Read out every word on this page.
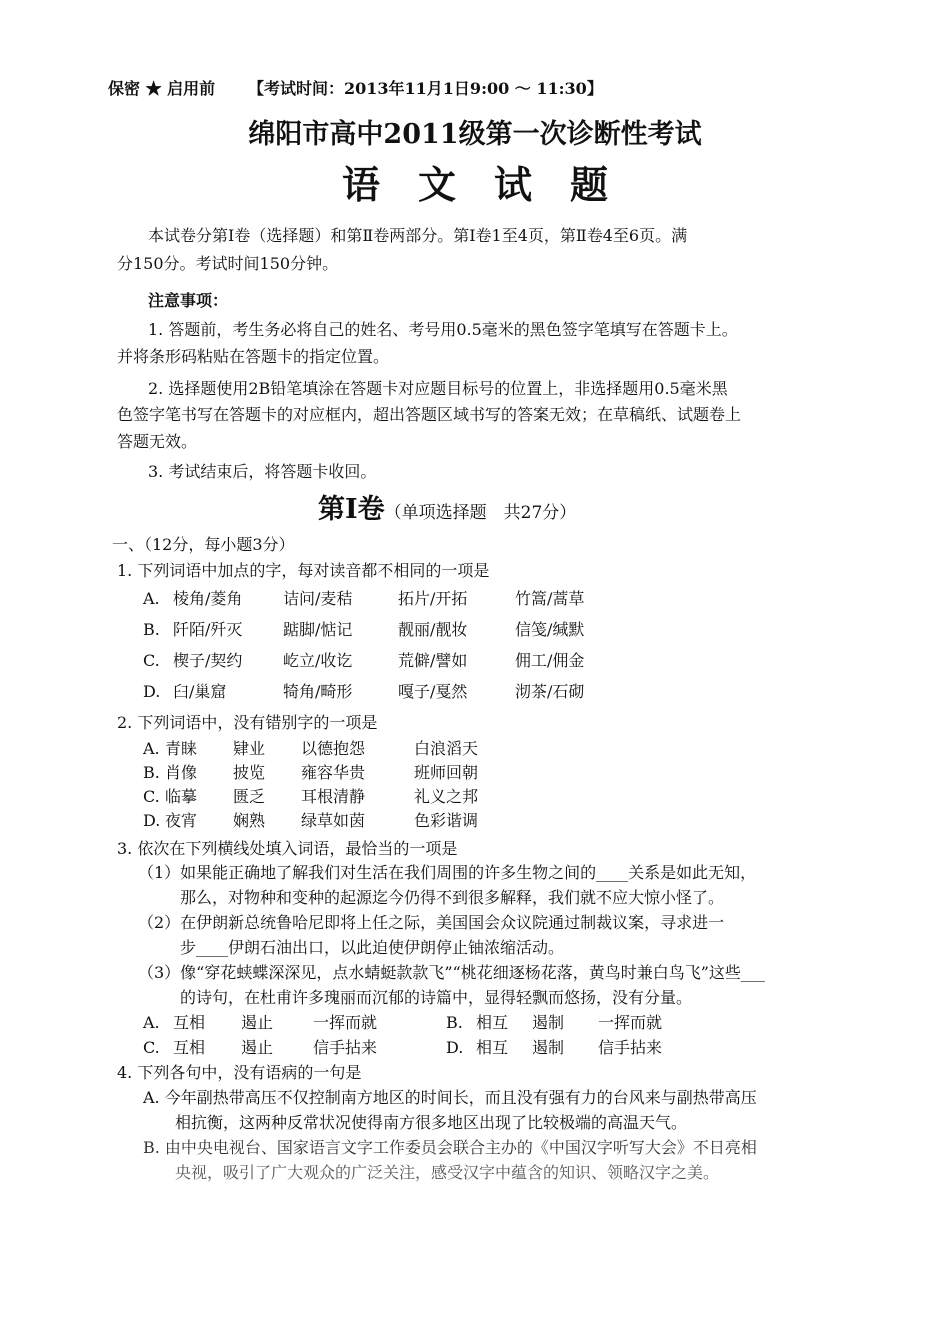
保密 ★ 启用前 【考试时间：2013年11月1日9:00 ～ 11:30】
绵阳市高中2011级第一次诊断性考试
语　文　试　题
本试卷分第Ⅰ卷（选择题）和第Ⅱ卷两部分。第Ⅰ卷1至4页，第Ⅱ卷4至6页。满
分150分。考试时间150分钟。
注意事项：
1. 答题前，考生务必将自己的姓名、考号用0.5毫米的黑色签字笔填写在答题卡上。
并将条形码粘贴在答题卡的指定位置。
2. 选择题使用2B铅笔填涂在答题卡对应题目标号的位置上，非选择题用0.5毫米黑
色签字笔书写在答题卡的对应框内，超出答题区域书写的答案无效；在草稿纸、试题卷上
答题无效。
3. 考试结束后，将答题卡收回。
第Ⅰ卷（单项选择题　共27分）
一、（12分，每小题3分）
1. 下列词语中加点的字，每对读音都不相同的一项是
A. 棱角/菱角	诘问/麦秸	拓片/开拓	竹篙/蒿草
B. 阡陌/歼灭	踮脚/惦记	靓丽/靓妆	信笺/缄默
C. 楔子/契约	屹立/收讫	荒僻/譬如	佣工/佣金
D. 臼/巢窟	犄角/畸形	嘎子/戛然	沏茶/石砌
2. 下列词语中，没有错别字的一项是
A. 青睐 肄业 以德抱怨	白浪滔天
B. 肖像 披览 雍容华贵	班师回朝
C. 临摹 匮乏 耳根清静	礼义之邦
D. 夜宵 娴熟 绿草如茵	色彩谐调
3. 依次在下列横线处填入词语，最恰当的一项是
（1）如果能正确地了解我们对生活在我们周围的许多生物之间的____关系是如此无知，
那么，对物种和变种的起源迄今仍得不到很多解释，我们就不应大惊小怪了。
（2）在伊朗新总统鲁哈尼即将上任之际，美国国会众议院通过制裁议案，寻求进一
步____伊朗石油出口，以此迫使伊朗停止铀浓缩活动。
（3）像“穿花蛱蝶深深见，点水蜻蜓款款飞”“桃花细逐杨花落，黄鸟时兼白鸟飞”这些___
的诗句，在杜甫许多瑰丽而沉郁的诗篇中，显得轻飘而悠扬，没有分量。
A. 互相 遏止 一挥而就	B. 相互 遏制 一挥而就
C. 互相 遏止 信手拈来	D. 相互 遏制 信手拈来
4. 下列各句中，没有语病的一句是
A. 今年副热带高压不仅控制南方地区的时间长，而且没有强有力的台风来与副热带高压
相抗衡，这两种反常状况使得南方很多地区出现了比较极端的高温天气。
B. 由中央电视台、国家语言文字工作委员会联合主办的《中国汉字听写大会》不日亮相
央视，吸引了广大观众的广泛关注，感受汉字中蕴含的知识、领略汉字之美。
